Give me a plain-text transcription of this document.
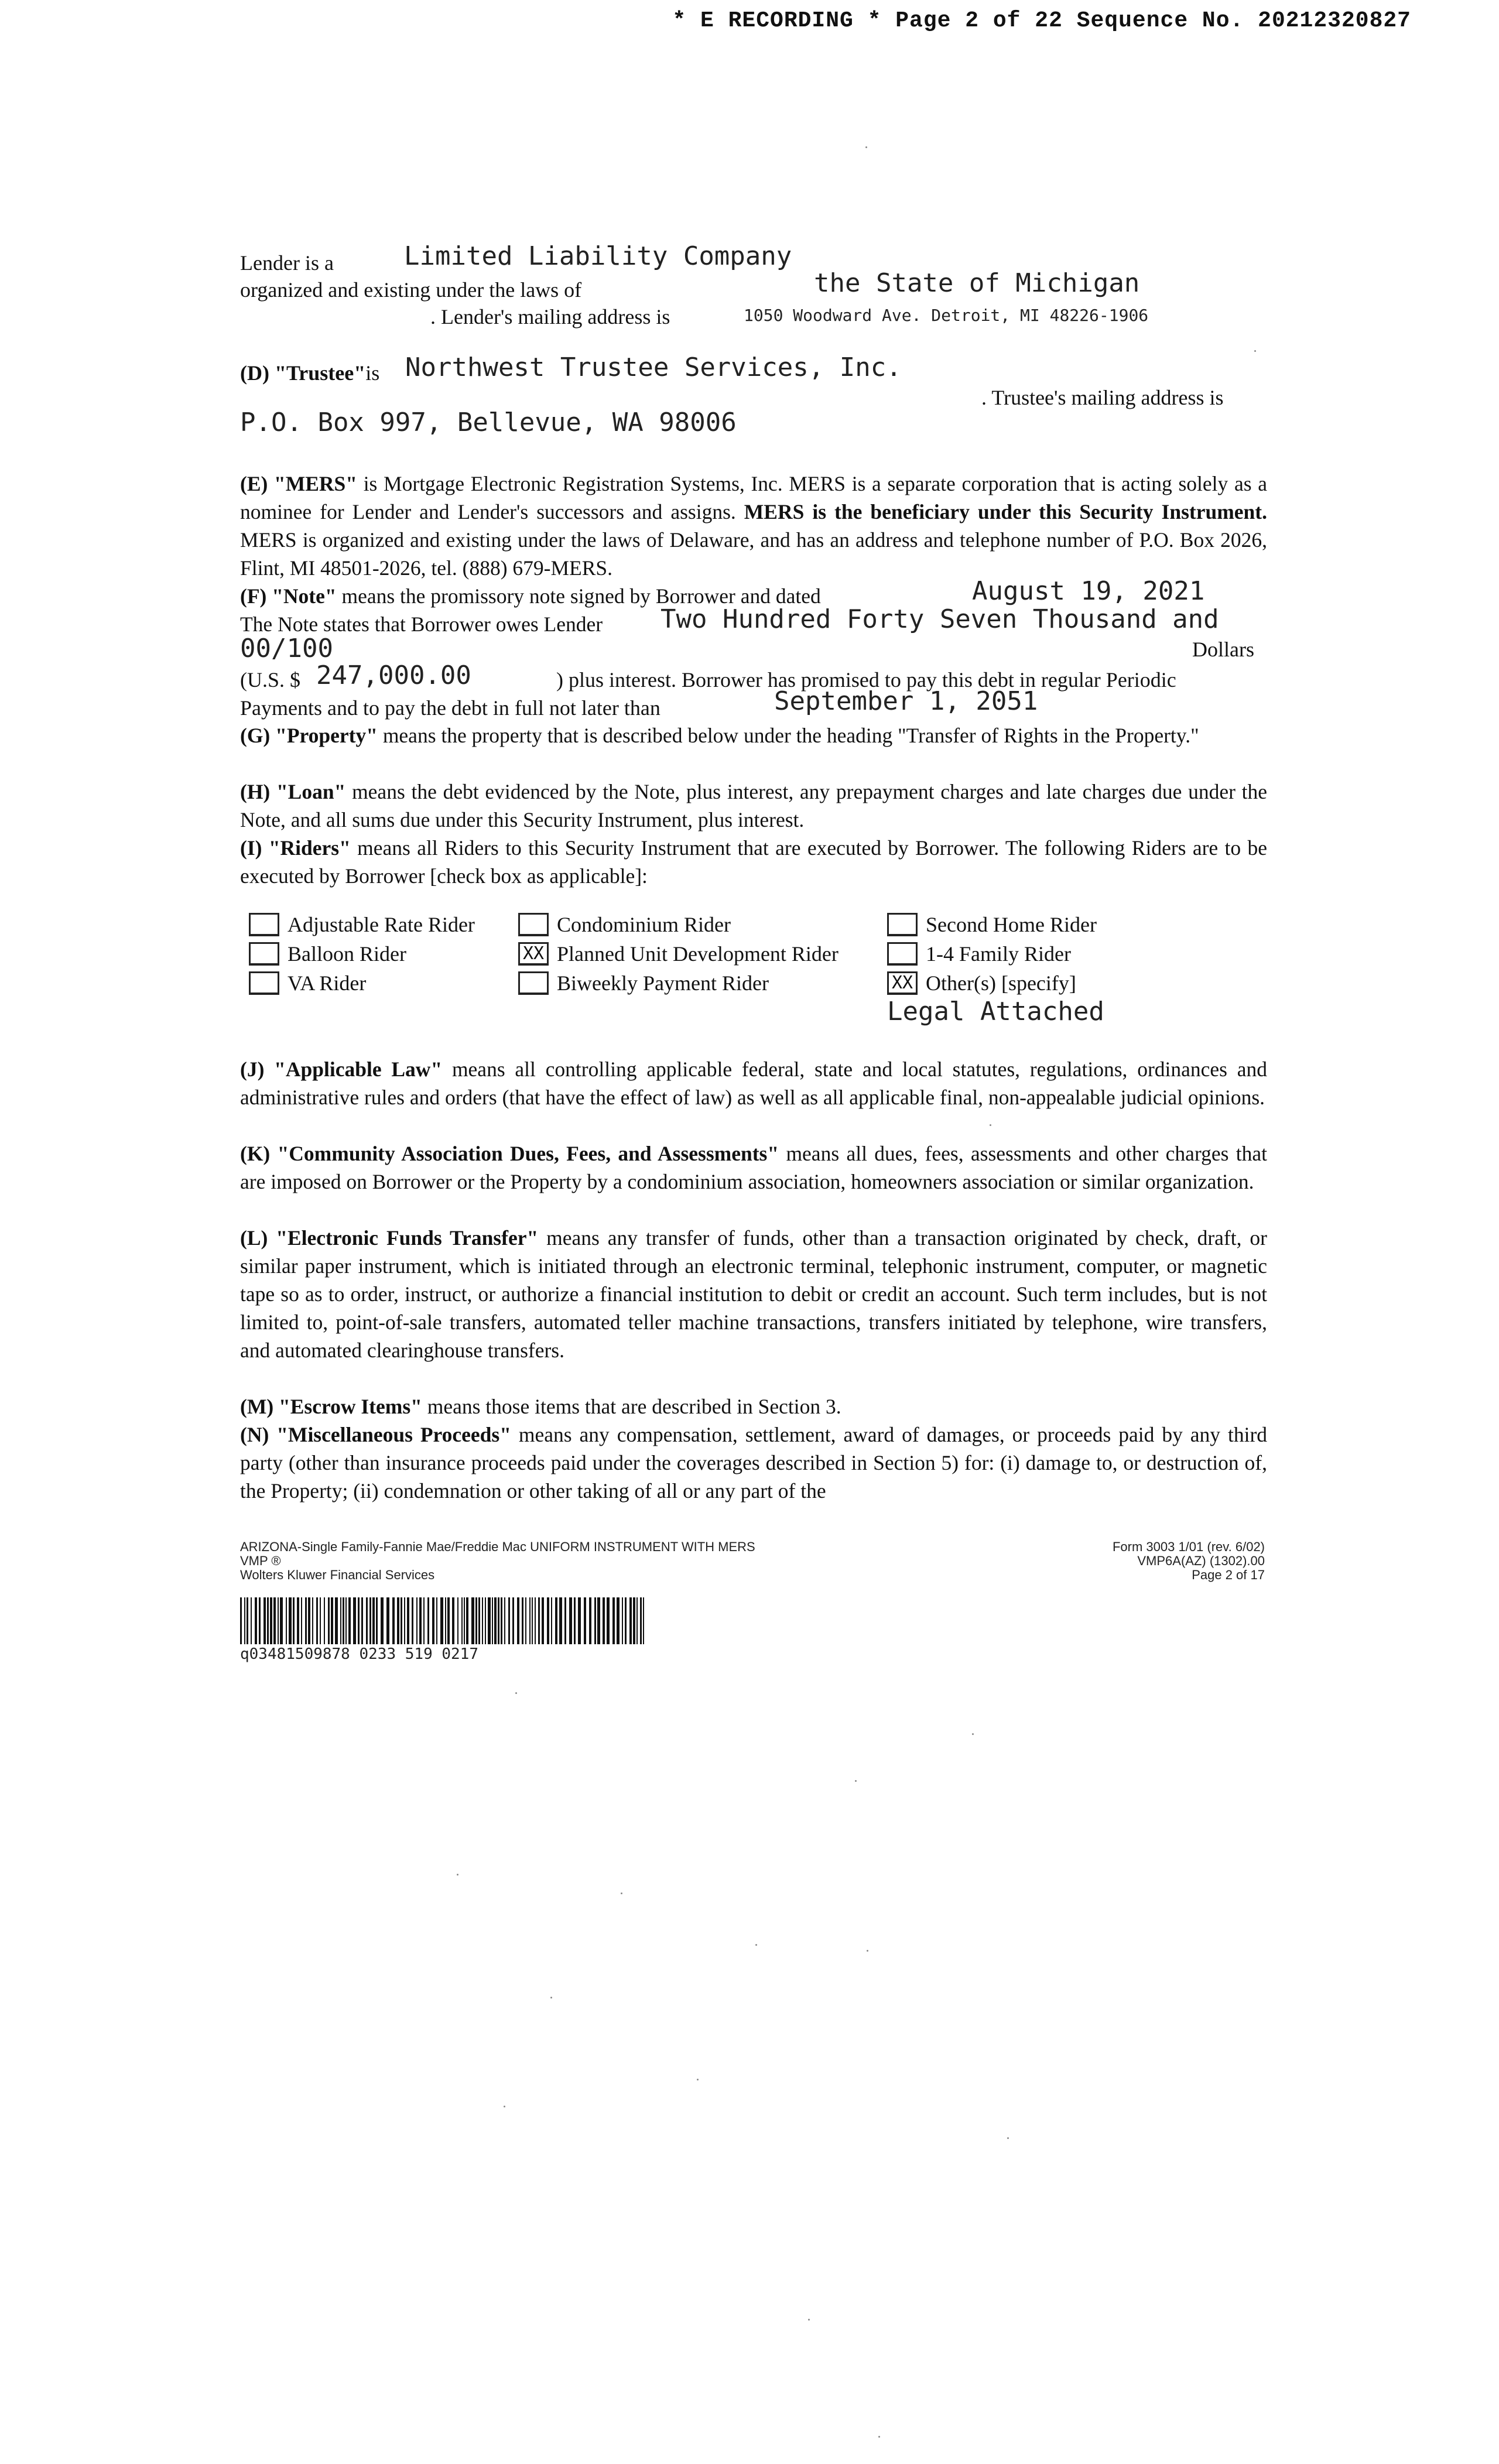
* E RECORDING * Page 2 of 22 Sequence No. 20212320827
Lender is a	Limited Liability Company
organized and existing under the laws of	the State of Michigan
. Lender's mailing address is	1050 Woodward Ave. Detroit, MI 48226-1906
(D) "Trustee"is Northwest Trustee Services, Inc.
. Trustee's mailing address is
P.O. Box 997, Bellevue, WA 98006
(E) "MERS" is Mortgage Electronic Registration Systems, Inc. MERS is a separate corporation that is acting solely as a nominee for Lender and Lender's successors and assigns. MERS is the beneficiary under this Security Instrument. MERS is organized and existing under the laws of Delaware, and has an address and telephone number of P.O. Box 2026, Flint, MI 48501-2026, tel. (888) 679-MERS.
(F) "Note" means the promissory note signed by Borrower and dated	August 19, 2021
The Note states that Borrower owes Lender	Two Hundred Forty Seven Thousand and
00/100	Dollars
(U.S. $ 247,000.00	) plus interest. Borrower has promised to pay this debt in regular Periodic
Payments and to pay the debt in full not later than	September 1, 2051
(G) "Property" means the property that is described below under the heading "Transfer of Rights in the Property."
(H) "Loan" means the debt evidenced by the Note, plus interest, any prepayment charges and late charges due under the Note, and all sums due under this Security Instrument, plus interest.
(I) "Riders" means all Riders to this Security Instrument that are executed by Borrower. The following Riders are to be executed by Borrower [check box as applicable]:
Adjustable Rate Rider
Balloon Rider
VA Rider
Condominium Rider
XX Planned Unit Development Rider
Biweekly Payment Rider
Second Home Rider
1-4 Family Rider
XX Other(s) [specify]
Legal Attached
(J) "Applicable Law" means all controlling applicable federal, state and local statutes, regulations, ordinances and administrative rules and orders (that have the effect of law) as well as all applicable final, non-appealable judicial opinions.
(K) "Community Association Dues, Fees, and Assessments" means all dues, fees, assessments and other charges that are imposed on Borrower or the Property by a condominium association, homeowners association or similar organization.
(L) "Electronic Funds Transfer" means any transfer of funds, other than a transaction originated by check, draft, or similar paper instrument, which is initiated through an electronic terminal, telephonic instrument, computer, or magnetic tape so as to order, instruct, or authorize a financial institution to debit or credit an account. Such term includes, but is not limited to, point-of-sale transfers, automated teller machine transactions, transfers initiated by telephone, wire transfers, and automated clearinghouse transfers.
(M) "Escrow Items" means those items that are described in Section 3.
(N) "Miscellaneous Proceeds" means any compensation, settlement, award of damages, or proceeds paid by any third party (other than insurance proceeds paid under the coverages described in Section 5) for: (i) damage to, or destruction of, the Property; (ii) condemnation or other taking of all or any part of the
ARIZONA-Single Family-Fannie Mae/Freddie Mac UNIFORM INSTRUMENT WITH MERS
VMP ®
Wolters Kluwer Financial Services
Form 3003 1/01 (rev. 6/02)
VMP6A(AZ) (1302).00
Page 2 of 17
q03481509878 0233 519 0217
